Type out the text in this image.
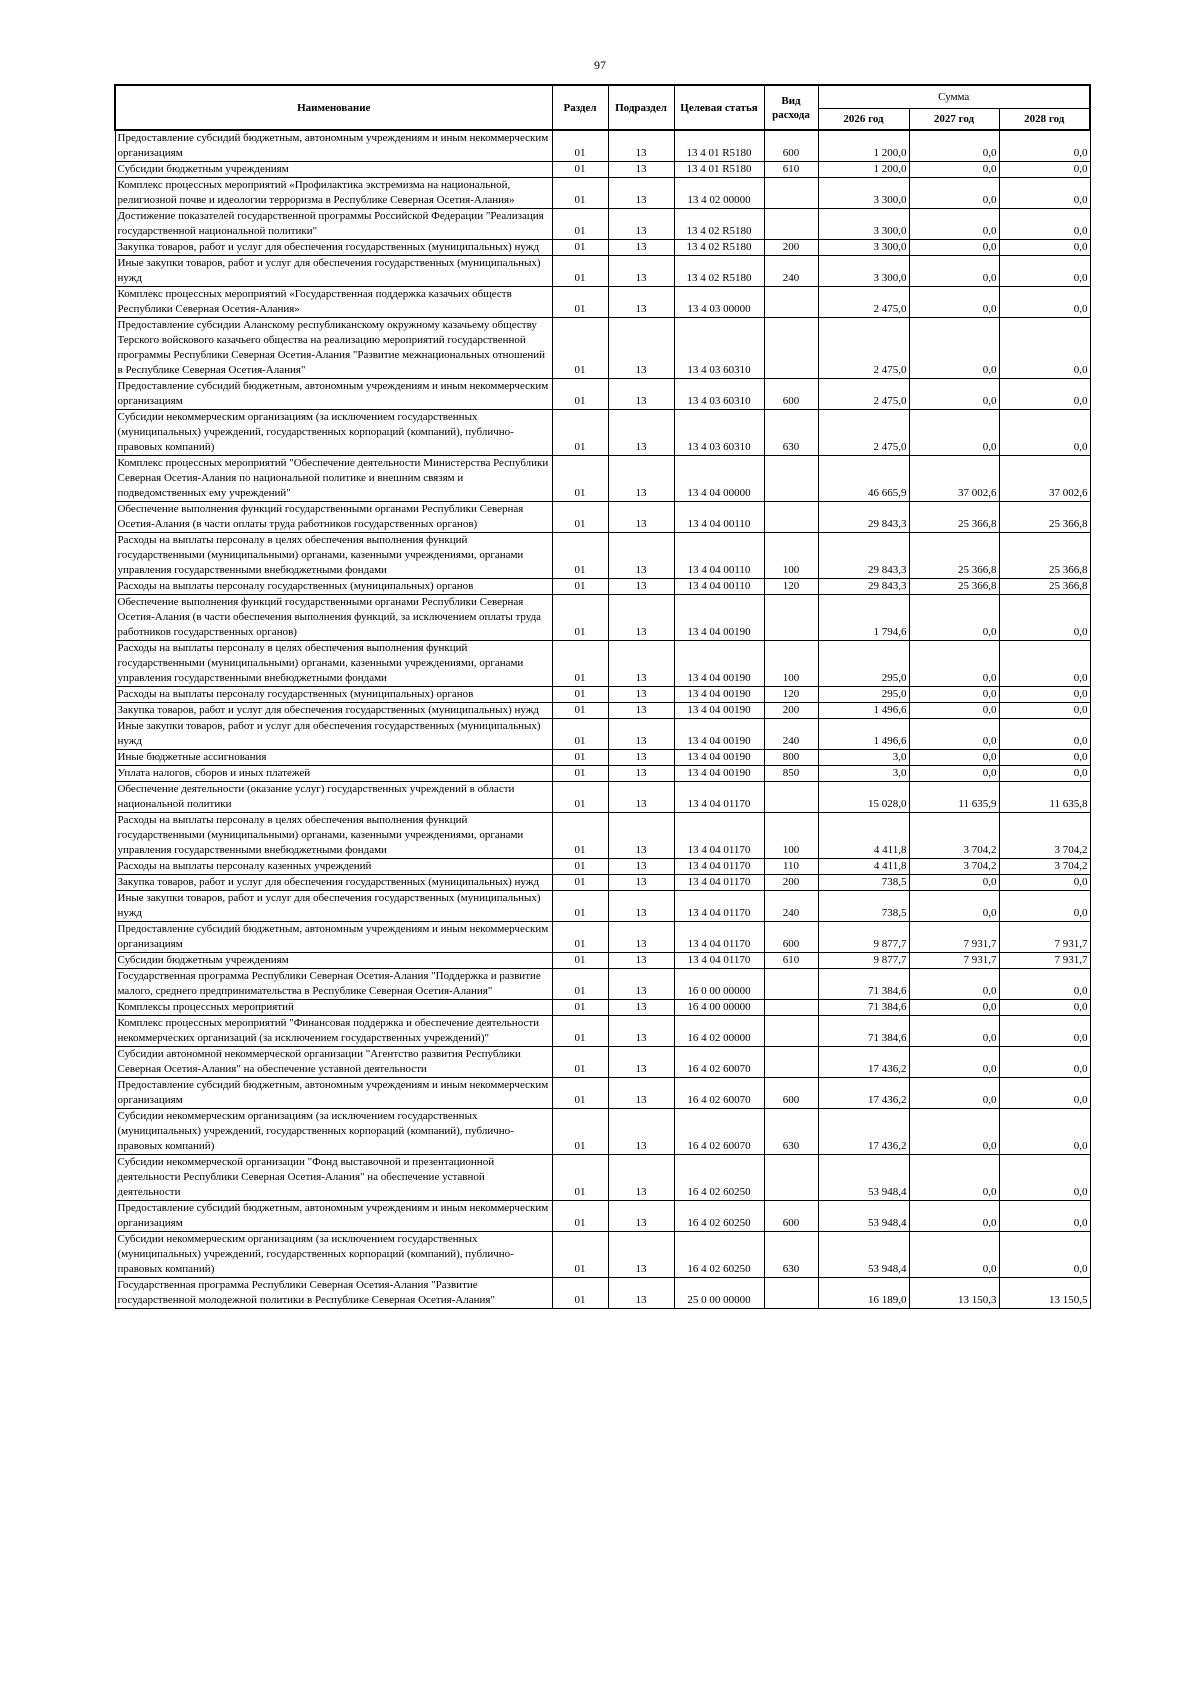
97
Наименование	Раздел	Подраздел	Целевая статья	Вид расхода	Сумма		
					2026 год	2027 год	2028 год
Предоставление субсидий бюджетным, автономным учреждениям и иным некоммерческим организациям	01	13	13 4 01 R5180	600	1 200,0	0,0	0,0
Субсидии бюджетным учреждениям	01	13	13 4 01 R5180	610	1 200,0	0,0	0,0
Комплекс процессных мероприятий «Профилактика экстремизма на национальной, религиозной почве и идеологии терроризма в Республике Северная Осетия-Алания»	01	13	13 4 02 00000		3 300,0	0,0	0,0
Достижение показателей государственной программы Российской Федерации "Реализация государственной национальной политики"	01	13	13 4 02 R5180		3 300,0	0,0	0,0
Закупка товаров, работ и услуг для обеспечения государственных (муниципальных) нужд	01	13	13 4 02 R5180	200	3 300,0	0,0	0,0
Иные закупки товаров, работ и услуг для обеспечения государственных (муниципальных) нужд	01	13	13 4 02 R5180	240	3 300,0	0,0	0,0
Комплекс процессных мероприятий «Государственная поддержка казачьих обществ Республики Северная Осетия-Алания»	01	13	13 4 03 00000		2 475,0	0,0	0,0
Предоставление субсидии Аланскому республиканскому окружному казачьему обществу Терского войскового казачьего общества на реализацию мероприятий государственной программы Республики Северная Осетия-Алания "Развитие межнациональных отношений в Республике Северная Осетия-Алания"	01	13	13 4 03 60310		2 475,0	0,0	0,0
Предоставление субсидий бюджетным, автономным учреждениям и иным некоммерческим организациям	01	13	13 4 03 60310	600	2 475,0	0,0	0,0
Субсидии некоммерческим организациям (за исключением государственных (муниципальных) учреждений, государственных корпораций (компаний), публично-правовых компаний)	01	13	13 4 03 60310	630	2 475,0	0,0	0,0
Комплекс процессных мероприятий "Обеспечение деятельности Министерства Республики Северная Осетия-Алания по национальной политике и внешним связям и подведомственных ему учреждений"	01	13	13 4 04 00000		46 665,9	37 002,6	37 002,6
Обеспечение выполнения функций государственными органами Республики Северная Осетия-Алания (в части оплаты труда работников государственных органов)	01	13	13 4 04 00110		29 843,3	25 366,8	25 366,8
Расходы на выплаты персоналу в целях обеспечения выполнения функций государственными (муниципальными) органами, казенными учреждениями, органами управления государственными внебюджетными фондами	01	13	13 4 04 00110	100	29 843,3	25 366,8	25 366,8
Расходы на выплаты персоналу государственных (муниципальных) органов	01	13	13 4 04 00110	120	29 843,3	25 366,8	25 366,8
Обеспечение выполнения функций государственными органами Республики Северная Осетия-Алания (в части обеспечения выполнения функций, за исключением оплаты труда работников государственных органов)	01	13	13 4 04 00190		1 794,6	0,0	0,0
Расходы на выплаты персоналу в целях обеспечения выполнения функций государственными (муниципальными) органами, казенными учреждениями, органами управления государственными внебюджетными фондами	01	13	13 4 04 00190	100	295,0	0,0	0,0
Расходы на выплаты персоналу государственных (муниципальных) органов	01	13	13 4 04 00190	120	295,0	0,0	0,0
Закупка товаров, работ и услуг для обеспечения государственных (муниципальных) нужд	01	13	13 4 04 00190	200	1 496,6	0,0	0,0
Иные закупки товаров, работ и услуг для обеспечения государственных (муниципальных) нужд	01	13	13 4 04 00190	240	1 496,6	0,0	0,0
Иные бюджетные ассигнования	01	13	13 4 04 00190	800	3,0	0,0	0,0
Уплата налогов, сборов и иных платежей	01	13	13 4 04 00190	850	3,0	0,0	0,0
Обеспечение деятельности (оказание услуг) государственных учреждений в области национальной политики	01	13	13 4 04 01170		15 028,0	11 635,9	11 635,8
Расходы на выплаты персоналу в целях обеспечения выполнения функций государственными (муниципальными) органами, казенными учреждениями, органами управления государственными внебюджетными фондами	01	13	13 4 04 01170	100	4 411,8	3 704,2	3 704,2
Расходы на выплаты персоналу казенных учреждений	01	13	13 4 04 01170	110	4 411,8	3 704,2	3 704,2
Закупка товаров, работ и услуг для обеспечения государственных (муниципальных) нужд	01	13	13 4 04 01170	200	738,5	0,0	0,0
Иные закупки товаров, работ и услуг для обеспечения государственных (муниципальных) нужд	01	13	13 4 04 01170	240	738,5	0,0	0,0
Предоставление субсидий бюджетным, автономным учреждениям и иным некоммерческим организациям	01	13	13 4 04 01170	600	9 877,7	7 931,7	7 931,7
Субсидии бюджетным учреждениям	01	13	13 4 04 01170	610	9 877,7	7 931,7	7 931,7
Государственная программа Республики Северная Осетия-Алания "Поддержка и развитие малого, среднего предпринимательства в Республике Северная Осетия-Алания"	01	13	16 0 00 00000		71 384,6	0,0	0,0
Комплексы процессных мероприятий	01	13	16 4 00 00000		71 384,6	0,0	0,0
Комплекс процессных мероприятий "Финансовая поддержка и обеспечение деятельности некоммерческих организаций (за исключением государственных учреждений)"	01	13	16 4 02 00000		71 384,6	0,0	0,0
Субсидии автономной некоммерческой организации "Агентство развития Республики Северная Осетия-Алания" на обеспечение уставной деятельности	01	13	16 4 02 60070		17 436,2	0,0	0,0
Предоставление субсидий бюджетным, автономным учреждениям и иным некоммерческим организациям	01	13	16 4 02 60070	600	17 436,2	0,0	0,0
Субсидии некоммерческим организациям (за исключением государственных (муниципальных) учреждений, государственных корпораций (компаний), публично-правовых компаний)	01	13	16 4 02 60070	630	17 436,2	0,0	0,0
Субсидии некоммерческой организации "Фонд выставочной и презентационной деятельности Республики Северная Осетия-Алания" на обеспечение уставной деятельности	01	13	16 4 02 60250		53 948,4	0,0	0,0
Предоставление субсидий бюджетным, автономным учреждениям и иным некоммерческим организациям	01	13	16 4 02 60250	600	53 948,4	0,0	0,0
Субсидии некоммерческим организациям (за исключением государственных (муниципальных) учреждений, государственных корпораций (компаний), публично-правовых компаний)	01	13	16 4 02 60250	630	53 948,4	0,0	0,0
Государственная программа Республики Северная Осетия-Алания "Развитие государственной молодежной политики в Республике Северная Осетия-Алания"	01	13	25 0 00 00000		16 189,0	13 150,3	13 150,5
